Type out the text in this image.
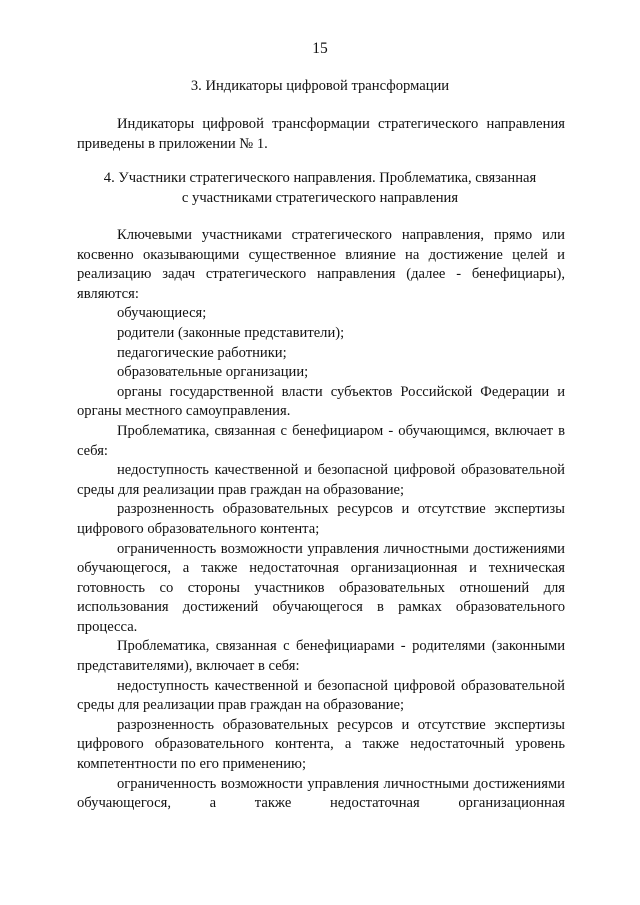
15
3. Индикаторы цифровой трансформации

Индикаторы цифровой трансформации стратегического направления приведены в приложении № 1.

4. Участники стратегического направления. Проблематика, связанная
с участниками стратегического направления

Ключевыми участниками стратегического направления, прямо или косвенно оказывающими существенное влияние на достижение целей и реализацию задач стратегического направления (далее - бенефициары), являются:

обучающиеся;

родители (законные представители);

педагогические работники;

образовательные организации;

органы государственной власти субъектов Российской Федерации и органы местного самоуправления.

Проблематика, связанная с бенефициаром - обучающимся, включает в себя:

недоступность качественной и безопасной цифровой образовательной среды для реализации прав граждан на образование;

разрозненность образовательных ресурсов и отсутствие экспертизы цифрового образовательного контента;

ограниченность возможности управления личностными достижениями обучающегося, а также недостаточная организационная и техническая готовность со стороны участников образовательных отношений для использования достижений обучающегося в рамках образовательного процесса.

Проблематика, связанная с бенефициарами - родителями (законными представителями), включает в себя:

недоступность качественной и безопасной цифровой образовательной среды для реализации прав граждан на образование;

разрозненность образовательных ресурсов и отсутствие экспертизы цифрового образовательного контента, а также недостаточный уровень компетентности по его применению;

ограниченность возможности управления личностными достижениями обучающегося, а также недостаточная организационная
